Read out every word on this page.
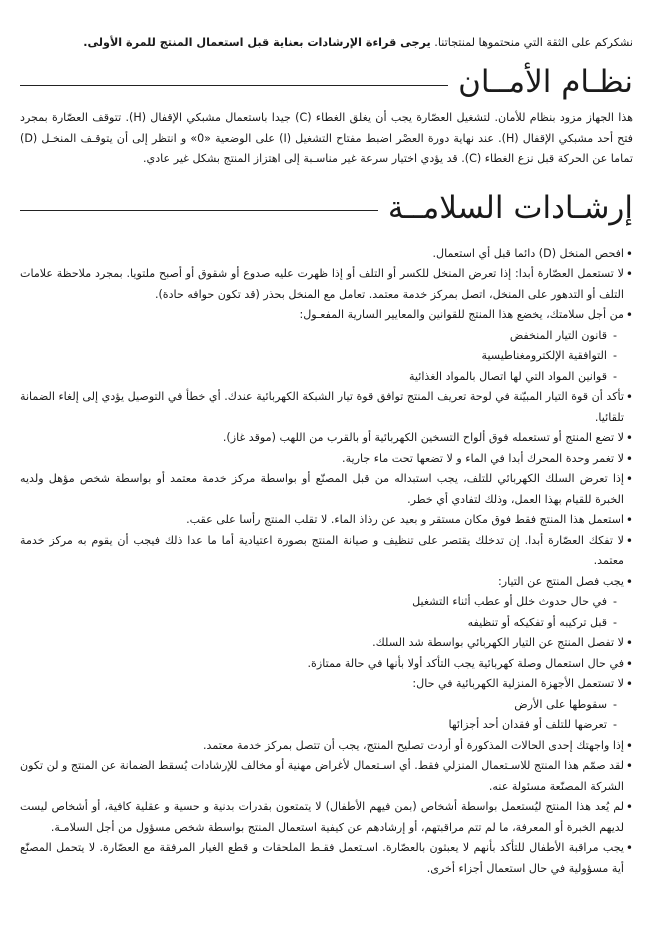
نشكركم على الثقة التي منحتموها لمنتجاتنا. يرجى قراءة الإرشادات بعناية قبل استعمال المنتج للمرة الأولى.

نظـام الأمــان

هذا الجهاز مزود بنظام للأمان. لتشغيل العصّارة يجب أن يغلق الغطاء (C) جيدا باستعمال مشبكي الإقفال (H). تتوقف العصّارة بمجرد فتح أحد مشبكي الإقفال (H). عند نهاية دورة العصْر اضبط مفتاح التشغيل (I) على الوضعية «0» و انتظر إلى أن يتوقـف المنخـل (D) تماما عن الحركة قبل نزع الغطاء (C). قد يؤدي اختيار سرعة غير مناسـبة إلى اهتزاز المنتج بشكل غير عادي.

إرشـادات السلامــة
•
افحص المنخل (D) دائما قبل أي استعمال.
•
لا تستعمل العصّارة أبدا: إذا تعرض المنخل للكسر أو التلف أو إذا ظهرت عليه صدوع أو شقوق أو أصبح ملتويا. بمجرد ملاحظة علامات التلف أو التدهور على المنخل، اتصل بمركز خدمة معتمد. تعامل مع المنخل بحذر (قد تكون حوافه حادة).
•
من أجل سلامتك، يخضع هذا المنتج للقوانين والمعايير السارية المفعـول:
-
قانون التيار المنخفض
-
التوافقية الإلكترومغناطيسية
-
قوانين المواد التي لها اتصال بالمواد الغذائية
•
تأكد أن قوة التيار المبيّنة في لوحة تعريف المنتج توافق قوة تيار الشبكة الكهربائية عندك. أي خطأ في التوصيل يؤدي إلى إلغاء الضمانة تلقائيا.
•
لا تضع المنتج أو تستعمله فوق ألواح التسخين الكهربائية أو بالقرب من اللهب (موقد غاز).
•
لا تغمر وحدة المحرك أبدا في الماء و لا تضعها تحت ماء جارية.
•
إذا تعرض السلك الكهربائي للتلف، يجب استبداله من قبل المصنّع أو بواسطة مركز خدمة معتمد أو بواسطة شخص مؤهل ولديه الخبرة للقيام بهذا العمل، وذلك لتفادي أي خطر.
•
استعمل هذا المنتج فقط فوق مكان مستقر و بعيد عن رذاذ الماء. لا تقلب المنتج رأسا على عقب.
•
لا تفكك العصّارة أبدا. إن تدخلك يقتصر على تنظيف و صيانة المنتج بصورة اعتيادية أما ما عدا ذلك فيجب أن يقوم به مركز خدمة معتمد.
•
يجب فصل المنتج عن التيار:
-
في حال حدوث خلل أو عطب أثناء التشغيل
-
قبل تركيبه أو تفكيكه أو تنظيفه
•
لا تفصل المنتج عن التيار الكهربائي بواسطة شد السلك.
•
في حال استعمال وصلة كهربائية يجب التأكد أولا بأنها في حالة ممتازة.
•
لا تستعمل الأجهزة المنزلية الكهربائية في حال:
-
سقوطها على الأرض
-
تعرضها للتلف أو فقدان أحد أجزائها
•
إذا واجهتك إحدى الحالات المذكورة أو أردت تصليح المنتج، يجب أن تتصل بمركز خدمة معتمد.
•
لقد صمّم هذا المنتج للاسـتعمال المنزلي فقط. أي اسـتعمال لأغراض مهنية أو مخالف للإرشادات يُسقط الضمانة عن المنتج و لن تكون الشركة المصنّعة مسئولة عنه.
•
لم يُعد هذا المنتج ليُستعمل بواسطة أشخاص (بمن فيهم الأطفال) لا يتمتعون بقدرات بدنية و حسية و عقلية كافية، أو أشخاص ليست لديهم الخبرة أو المعرفة، ما لم تتم مراقبتهم، أو إرشادهم عن كيفية استعمال المنتج بواسطة شخص مسؤول من أجل السلامـة.
•
يجب مراقبة الأطفال للتأكد بأنهم لا يعبثون بالعصّارة. اسـتعمل فقـط الملحقات و قطع الغيار المرفقة مع العصّارة. لا يتحمل المصنّع أية مسؤولية في حال استعمال أجزاء أخرى.
